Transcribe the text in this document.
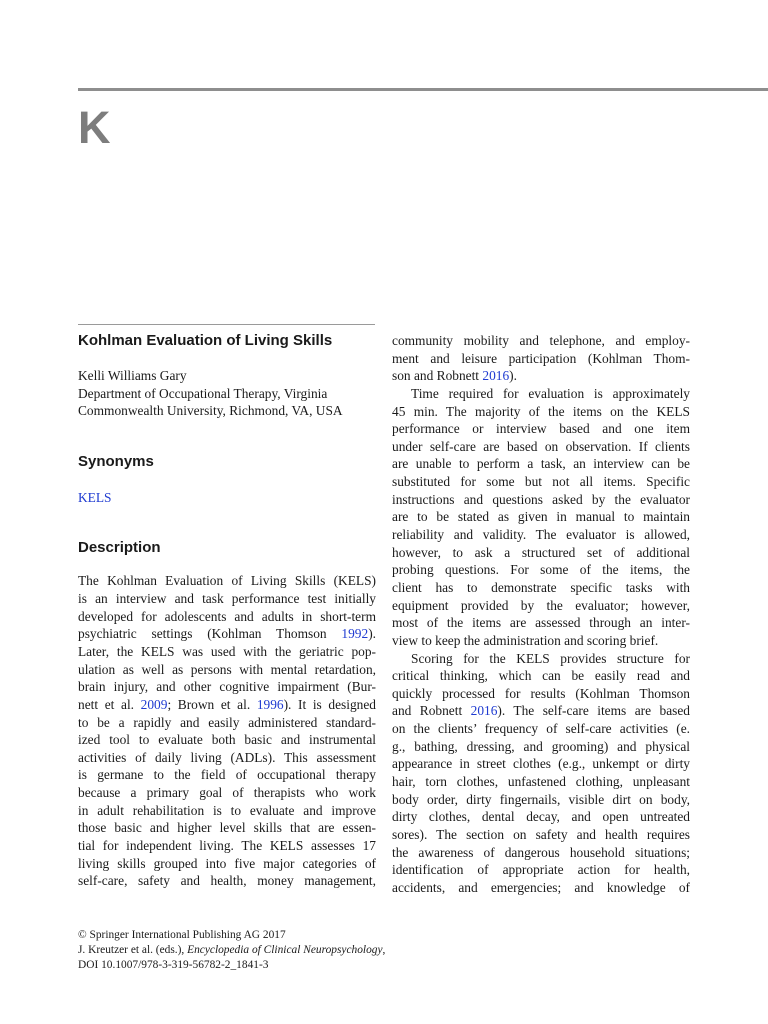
K
Kohlman Evaluation of Living Skills
Kelli Williams Gary
Department of Occupational Therapy, Virginia
Commonwealth University, Richmond, VA, USA
Synonyms
KELS
Description
The Kohlman Evaluation of Living Skills (KELS)
is an interview and task performance test initially
developed for adolescents and adults in short-term
psychiatric settings (Kohlman Thomson 1992).
Later, the KELS was used with the geriatric pop-
ulation as well as persons with mental retardation,
brain injury, and other cognitive impairment (Bur-
nett et al. 2009; Brown et al. 1996). It is designed
to be a rapidly and easily administered standard-
ized tool to evaluate both basic and instrumental
activities of daily living (ADLs). This assessment
is germane to the field of occupational therapy
because a primary goal of therapists who work
in adult rehabilitation is to evaluate and improve
those basic and higher level skills that are essen-
tial for independent living. The KELS assesses 17
living skills grouped into five major categories of
self-care, safety and health, money management,
community mobility and telephone, and employ-
ment and leisure participation (Kohlman Thom-
son and Robnett 2016).
Time required for evaluation is approximately
45 min. The majority of the items on the KELS
performance or interview based and one item
under self-care are based on observation. If clients
are unable to perform a task, an interview can be
substituted for some but not all items. Specific
instructions and questions asked by the evaluator
are to be stated as given in manual to maintain
reliability and validity. The evaluator is allowed,
however, to ask a structured set of additional
probing questions. For some of the items, the
client has to demonstrate specific tasks with
equipment provided by the evaluator; however,
most of the items are assessed through an inter-
view to keep the administration and scoring brief.
Scoring for the KELS provides structure for
critical thinking, which can be easily read and
quickly processed for results (Kohlman Thomson
and Robnett 2016). The self-care items are based
on the clients’ frequency of self-care activities (e.
g., bathing, dressing, and grooming) and physical
appearance in street clothes (e.g., unkempt or dirty
hair, torn clothes, unfastened clothing, unpleasant
body order, dirty fingernails, visible dirt on body,
dirty clothes, dental decay, and open untreated
sores). The section on safety and health requires
the awareness of dangerous household situations;
identification of appropriate action for health,
accidents, and emergencies; and knowledge of
© Springer International Publishing AG 2017
J. Kreutzer et al. (eds.), Encyclopedia of Clinical Neuropsychology,
DOI 10.1007/978-3-319-56782-2_1841-3
